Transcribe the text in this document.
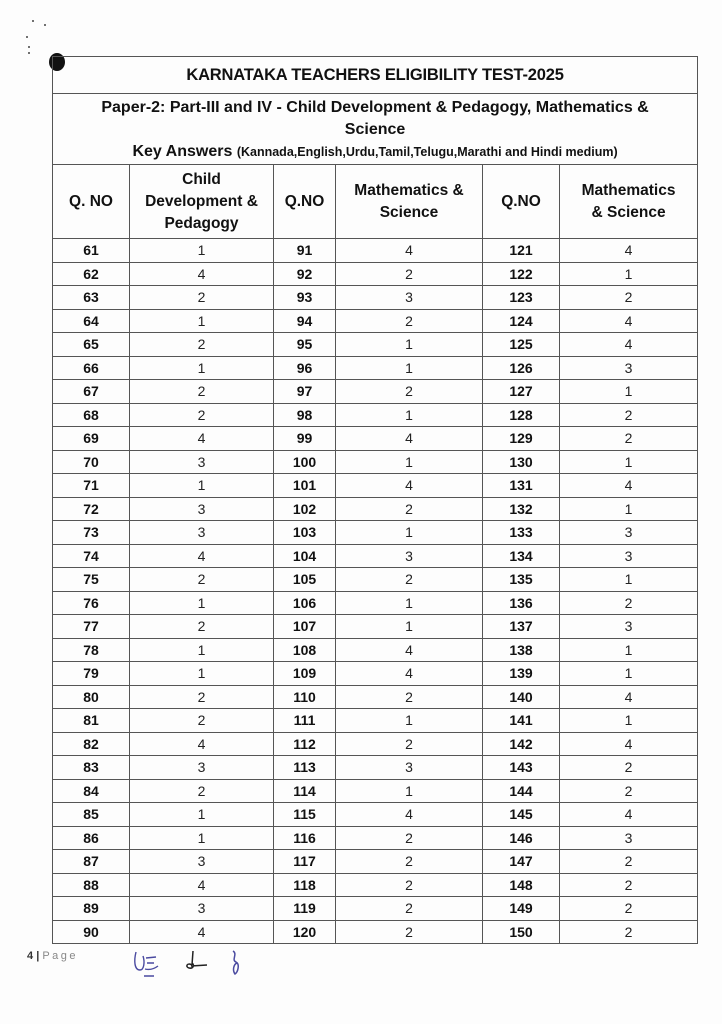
KARNATAKA TEACHERS ELIGIBILITY TEST-2025					

Paper-2: Part-III and IV - Child Development & Pedagogy, Mathematics &
Science
Key Answers (Kannada,English,Urdu,Tamil,Telugu,Marathi and Hindi medium)					

Q. NO	Child
Development &
Pedagogy	Q.NO	Mathematics &
Science	Q.NO	Mathematics
& Science
61	1	91	4	121	4
62	4	92	2	122	1
63	2	93	3	123	2
64	1	94	2	124	4
65	2	95	1	125	4
66	1	96	1	126	3
67	2	97	2	127	1
68	2	98	1	128	2
69	4	99	4	129	2
70	3	100	1	130	1
71	1	101	4	131	4
72	3	102	2	132	1
73	3	103	1	133	3
74	4	104	3	134	3
75	2	105	2	135	1
76	1	106	1	136	2
77	2	107	1	137	3
78	1	108	4	138	1
79	1	109	4	139	1
80	2	110	2	140	4
81	2	111	1	141	1
82	4	112	2	142	4
83	3	113	3	143	2
84	2	114	1	144	2
85	1	115	4	145	4
86	1	116	2	146	3
87	3	117	2	147	2
88	4	118	2	148	2
89	3	119	2	149	2
90	4	120	2	150	2
4 | Page
